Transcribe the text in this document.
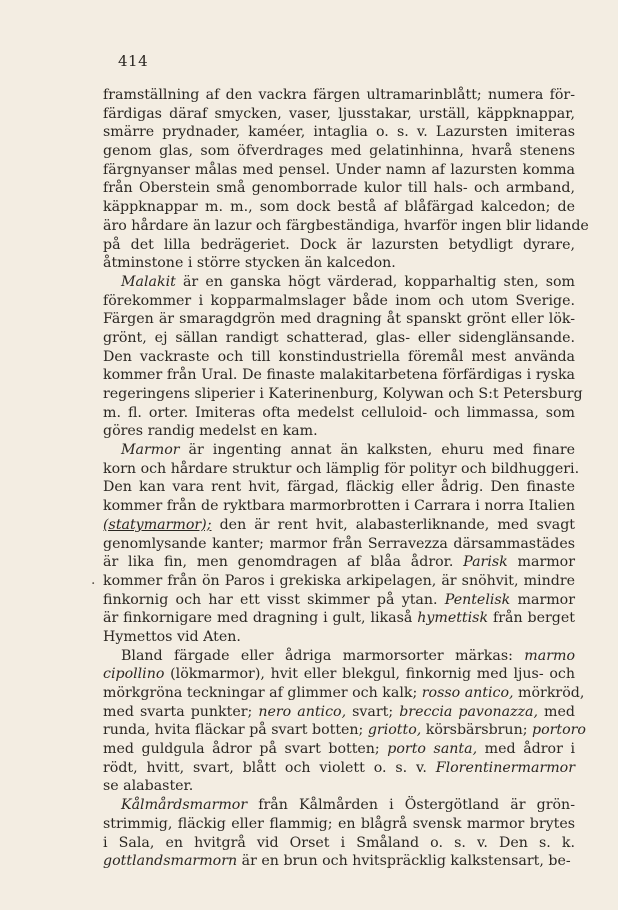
414
·
framställning af den vackra färgen ultramarinblått; numera för-
färdigas däraf smycken, vaser, ljusstakar, urställ, käppknappar,
smärre prydnader, kaméer, intaglia o. s. v. Lazursten imiteras
genom glas, som öfverdrages med gelatinhinna, hvarå stenens
färgnyanser målas med pensel. Under namn af lazursten komma
från Oberstein små genomborrade kulor till hals- och armband,
käppknappar m. m., som dock bestå af blåfärgad kalcedon; de
äro hårdare än lazur och färgbeständiga, hvarför ingen blir lidande
på det lilla bedrägeriet. Dock är lazursten betydligt dyrare,
åtminstone i större stycken än kalcedon.
Malakit är en ganska högt värderad, kopparhaltig sten, som
förekommer i kopparmalmslager både inom och utom Sverige.
Färgen är smaragdgrön med dragning åt spanskt grönt eller lök-
grönt, ej sällan randigt schatterad, glas- eller sidenglänsande.
Den vackraste och till konstindustriella föremål mest använda
kommer från Ural. De finaste malakitarbetena förfärdigas i ryska
regeringens sliperier i Katerinenburg, Kolywan och S:t Petersburg
m. fl. orter. Imiteras ofta medelst celluloid- och limmassa, som
göres randig medelst en kam.
Marmor är ingenting annat än kalksten, ehuru med finare
korn och hårdare struktur och lämplig för polityr och bildhuggeri.
Den kan vara rent hvit, färgad, fläckig eller ådrig. Den finaste
kommer från de ryktbara marmorbrotten i Carrara i norra Italien
(statymarmor); den är rent hvit, alabasterliknande, med svagt
genomlysande kanter; marmor från Serravezza därsammastädes
är lika fin, men genomdragen af blåa ådror. Parisk marmor
kommer från ön Paros i grekiska arkipelagen, är snöhvit, mindre
finkornig och har ett visst skimmer på ytan. Pentelisk marmor
är finkornigare med dragning i gult, likaså hymettisk från berget
Hymettos vid Aten.
Bland färgade eller ådriga marmorsorter märkas: marmo
cipollino (lökmarmor), hvit eller blekgul, finkornig med ljus- och
mörkgröna teckningar af glimmer och kalk; rosso antico, mörkröd,
med svarta punkter; nero antico, svart; breccia pavonazza, med
runda, hvita fläckar på svart botten; griotto, körsbärsbrun; portoro
med guldgula ådror på svart botten; porto santa, med ådror i
rödt, hvitt, svart, blått och violett o. s. v. Florentinermarmor
se alabaster.
Kålmårdsmarmor från Kålmården i Östergötland är grön-
strimmig, fläckig eller flammig; en blågrå svensk marmor brytes
i Sala, en hvitgrå vid Orset i Småland o. s. v. Den s. k.
gottlandsmarmorn är en brun och hvitspräcklig kalkstensart, be-
